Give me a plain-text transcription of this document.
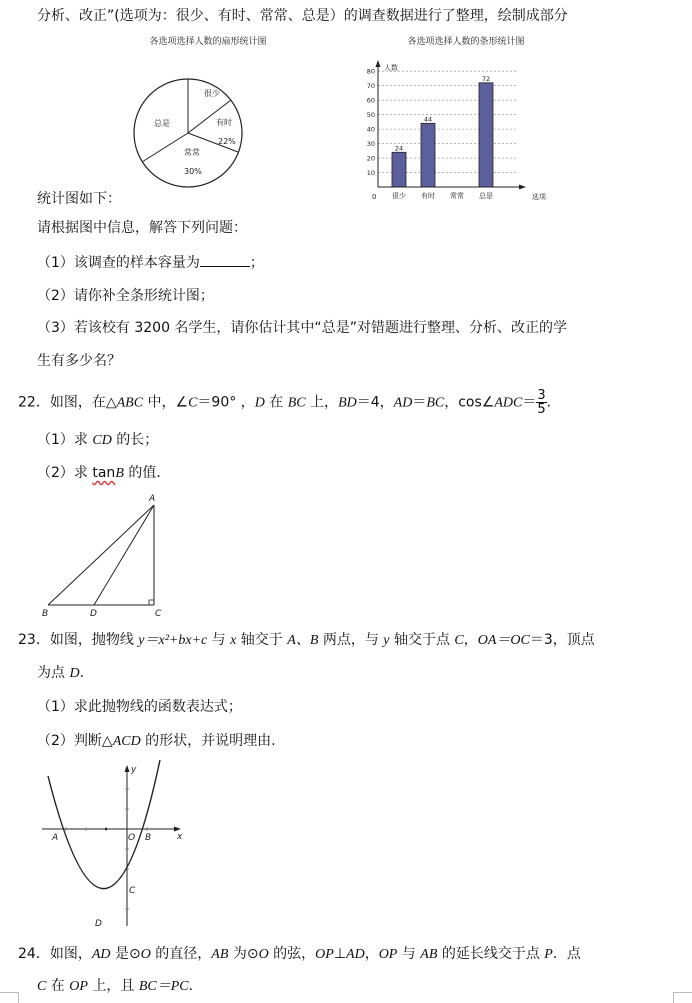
分析、改正”(选项为：很少、有时、常常、总是）的调查数据进行了整理，绘制成部分
各选项选择人数的扇形统计图
很少
有时
22%
常常
30%
总是
各选项选择人数的条形统计图
人数
选项
0
10
20
30
40
50
60
70
80
24
很少
44
有时 常常
72
总是
统计图如下：
请根据图中信息，解答下列问题：
（1）该调查的样本容量为	；
（2）请你补全条形统计图；
（3）若该校有 3200 名学生，请你估计其中“总是”对错题进行整理、分析、改正的学
生有多少名？
22．如图，在△ABC 中，∠C＝90° ，D 在 BC 上，BD＝4，AD＝BC，cos∠ADC＝ $\frac{3}{5}$ .
（1）求 CD 的长；
（2）求 tanB 的值．
A
B	D	C
23．如图，抛物线 y＝x²+bx+c 与 x 轴交于 A、B 两点，与 y 轴交于点 C，OA＝OC＝3，顶点
为点 D.
（1）求此抛物线的函数表达式；
（2）判断△ACD 的形状，并说明理由.
y
x
A	O B
C
D
24．如图，AD 是⊙O 的直径，AB 为⊙O 的弦，OP⊥AD，OP 与 AB 的延长线交于点 P．点
C 在 OP 上，且 BC＝PC．
